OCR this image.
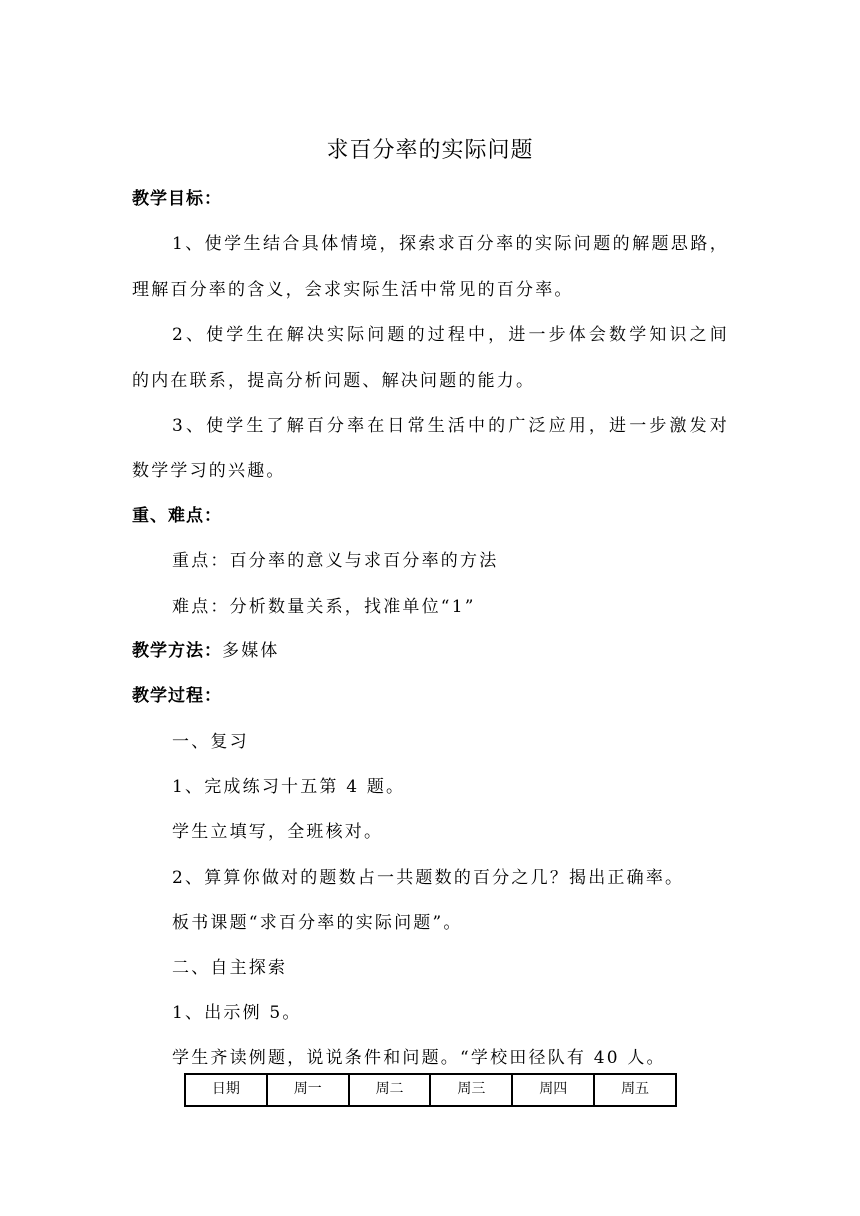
求百分率的实际问题
教学目标：
1、使学生结合具体情境，探索求百分率的实际问题的解题思路，
理解百分率的含义，会求实际生活中常见的百分率。
2、使学生在解决实际问题的过程中，进一步体会数学知识之间
的内在联系，提高分析问题、解决问题的能力。
3、使学生了解百分率在日常生活中的广泛应用，进一步激发对
数学学习的兴趣。
重、难点：
重点：百分率的意义与求百分率的方法
难点：分析数量关系，找准单位“1”
教学方法：多媒体
教学过程：
一、复习
1、完成练习十五第 4 题。
学生立填写，全班核对。
2、算算你做对的题数占一共题数的百分之几？揭出正确率。
板书课题“求百分率的实际问题”。
二、自主探索
1、出示例 5。
学生齐读例题，说说条件和问题。“学校田径队有 40 人。
日期	周一	周二	周三	周四	周五
